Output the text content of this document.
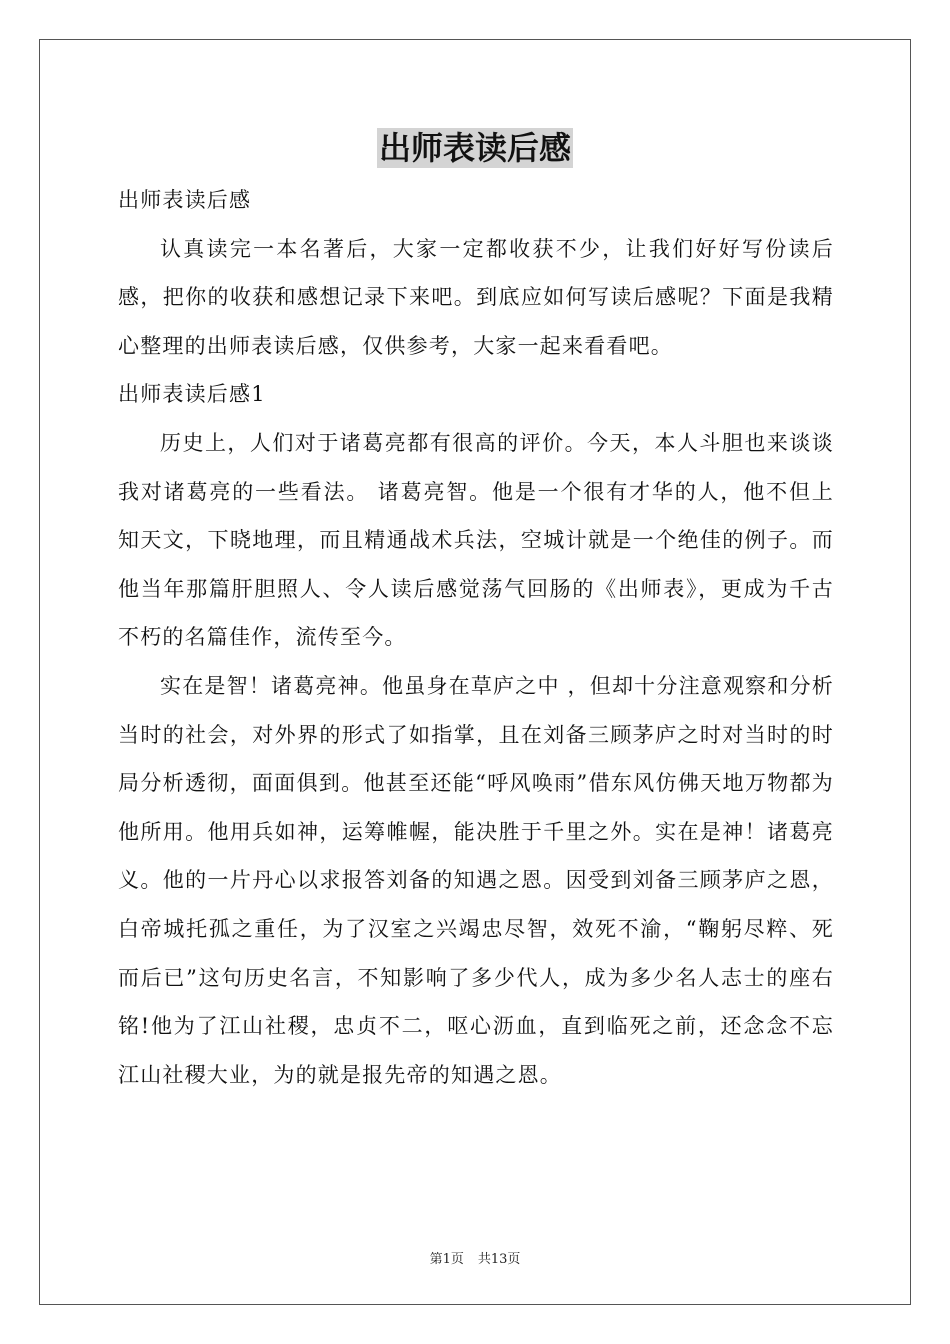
出师表读后感

出师表读后感

认真读完一本名著后，大家一定都收获不少，让我们好好写份读后感，把你的收获和感想记录下来吧。到底应如何写读后感呢？下面是我精心整理的出师表读后感，仅供参考，大家一起来看看吧。

出师表读后感1

历史上，人们对于诸葛亮都有很高的评价。今天，本人斗胆也来谈谈我对诸葛亮的一些看法。 诸葛亮智。他是一个很有才华的人，他不但上知天文，下晓地理，而且精通战术兵法，空城计就是一个绝佳的例子。而他当年那篇肝胆照人、令人读后感觉荡气回肠的《出师表》，更成为千古不朽的名篇佳作，流传至今。

实在是智！诸葛亮神。他虽身在草庐之中 ，但却十分注意观察和分析当时的社会，对外界的形式了如指掌，且在刘备三顾茅庐之时对当时的时局分析透彻，面面俱到。他甚至还能“呼风唤雨”借东风仿佛天地万物都为他所用。他用兵如神，运筹帷幄，能决胜于千里之外。实在是神！诸葛亮义。他的一片丹心以求报答刘备的知遇之恩。因受到刘备三顾茅庐之恩，白帝城托孤之重任，为了汉室之兴竭忠尽智，效死不渝，“鞠躬尽粹、死而后已”这句历史名言，不知影响了多少代人，成为多少名人志士的座右铭!他为了江山社稷，忠贞不二，呕心沥血，直到临死之前，还念念不忘江山社稷大业，为的就是报先帝的知遇之恩。

第1页 共13页
